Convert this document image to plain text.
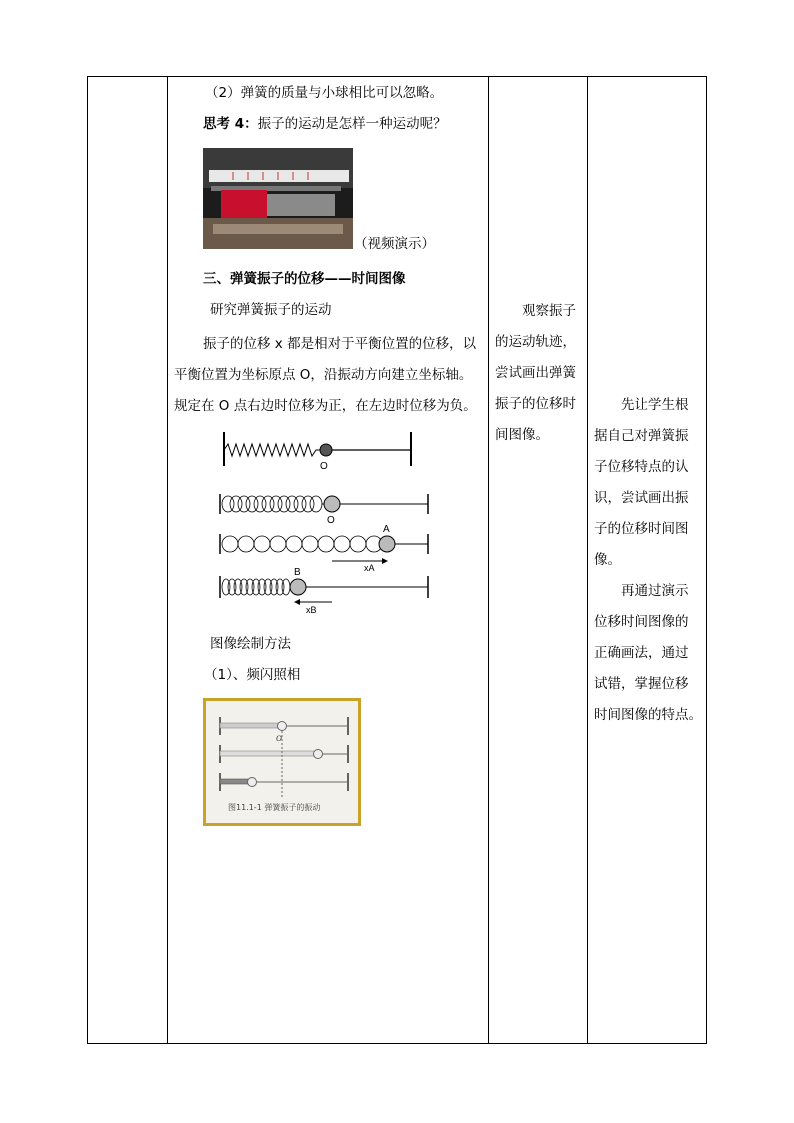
（2）弹簧的质量与小球相比可以忽略。
思考 4：振子的运动是怎样一种运动呢？
（视频演示）
三、弹簧振子的位移——时间图像
研究弹簧振子的运动
振子的位移 x 都是相对于平衡位置的位移，以
平衡位置为坐标原点 O，沿振动方向建立坐标轴。
规定在 O 点右边时位移为正，在左边时位移为负。
O
O
A
xA
B
xB
图像绘制方法
（1）、频闪照相
O
图11.1-1 弹簧振子的振动

观察振子

的运动轨迹，

尝试画出弹簧

振子的位移时

间图像。

先让学生根

据自己对弹簧振

子位移特点的认

识，尝试画出振

子的位移时间图

像。

再通过演示

位移时间图像的

正确画法，通过

试错，掌握位移

时间图像的特点。
